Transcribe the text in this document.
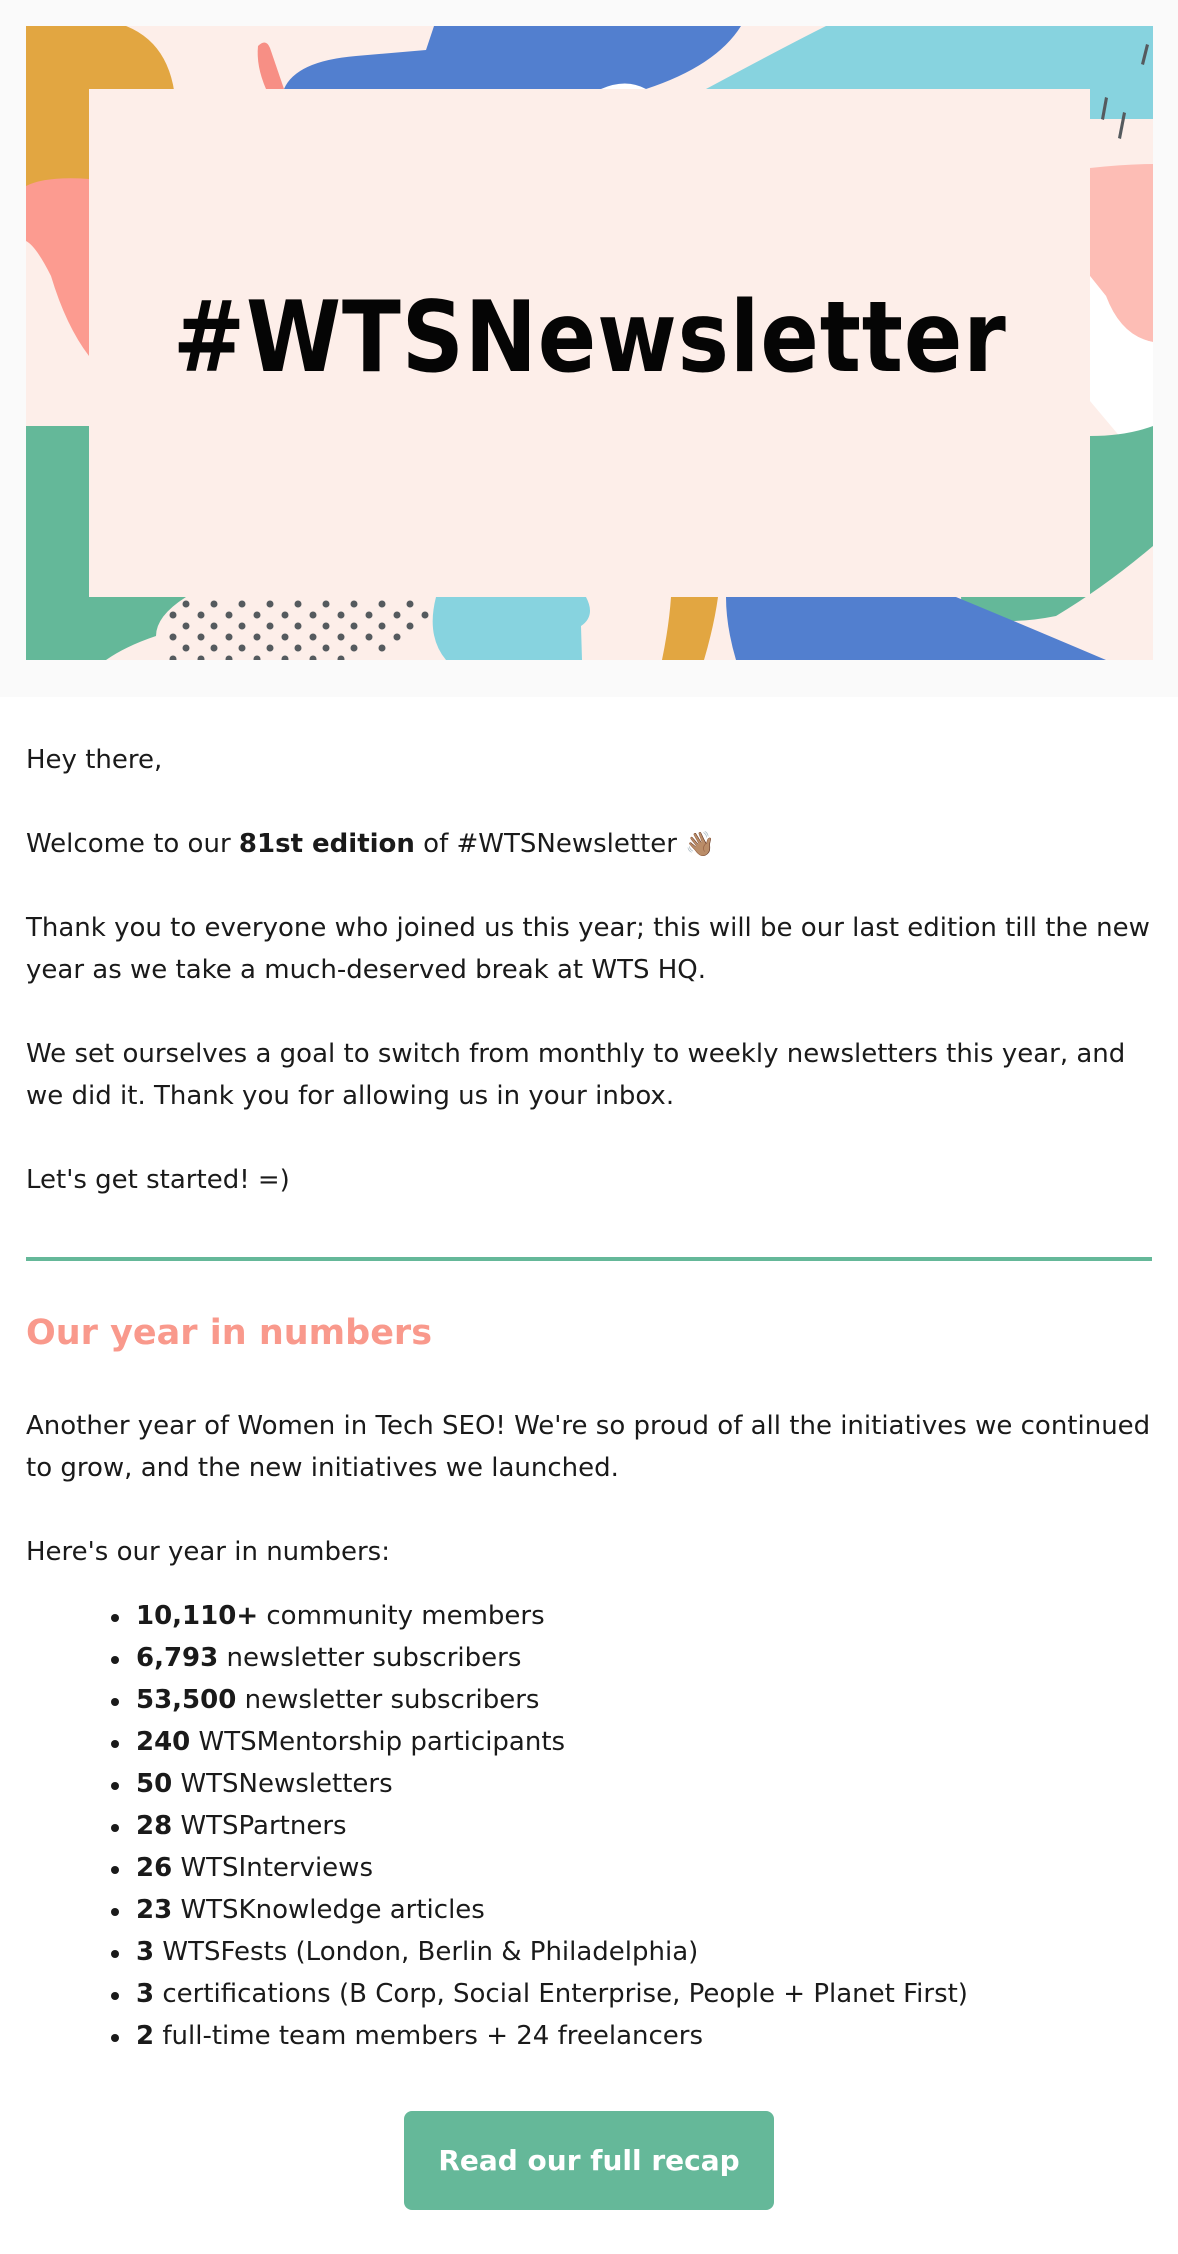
#WTSNewsletter

Hey there,

Welcome to our 81st edition of #WTSNewsletter 👋🏽

Thank you to everyone who joined us this year; this will be our last edition till the new year as we take a much-deserved break at WTS HQ.

We set ourselves a goal to switch from monthly to weekly newsletters this year, and we did it. Thank you for allowing us in your inbox.

Let's get started! =)

Our year in numbers

Another year of Women in Tech SEO! We're so proud of all the initiatives we continued to grow, and the new initiatives we launched.

Here's our year in numbers:

10,110+ community members
6,793 newsletter subscribers
53,500 newsletter subscribers
240 WTSMentorship participants
50 WTSNewsletters
28 WTSPartners
26 WTSInterviews
23 WTSKnowledge articles
3 WTSFests (London, Berlin & Philadelphia)
3 certifications (B Corp, Social Enterprise, People + Planet First)
2 full-time team members + 24 freelancers
Read our full recap
